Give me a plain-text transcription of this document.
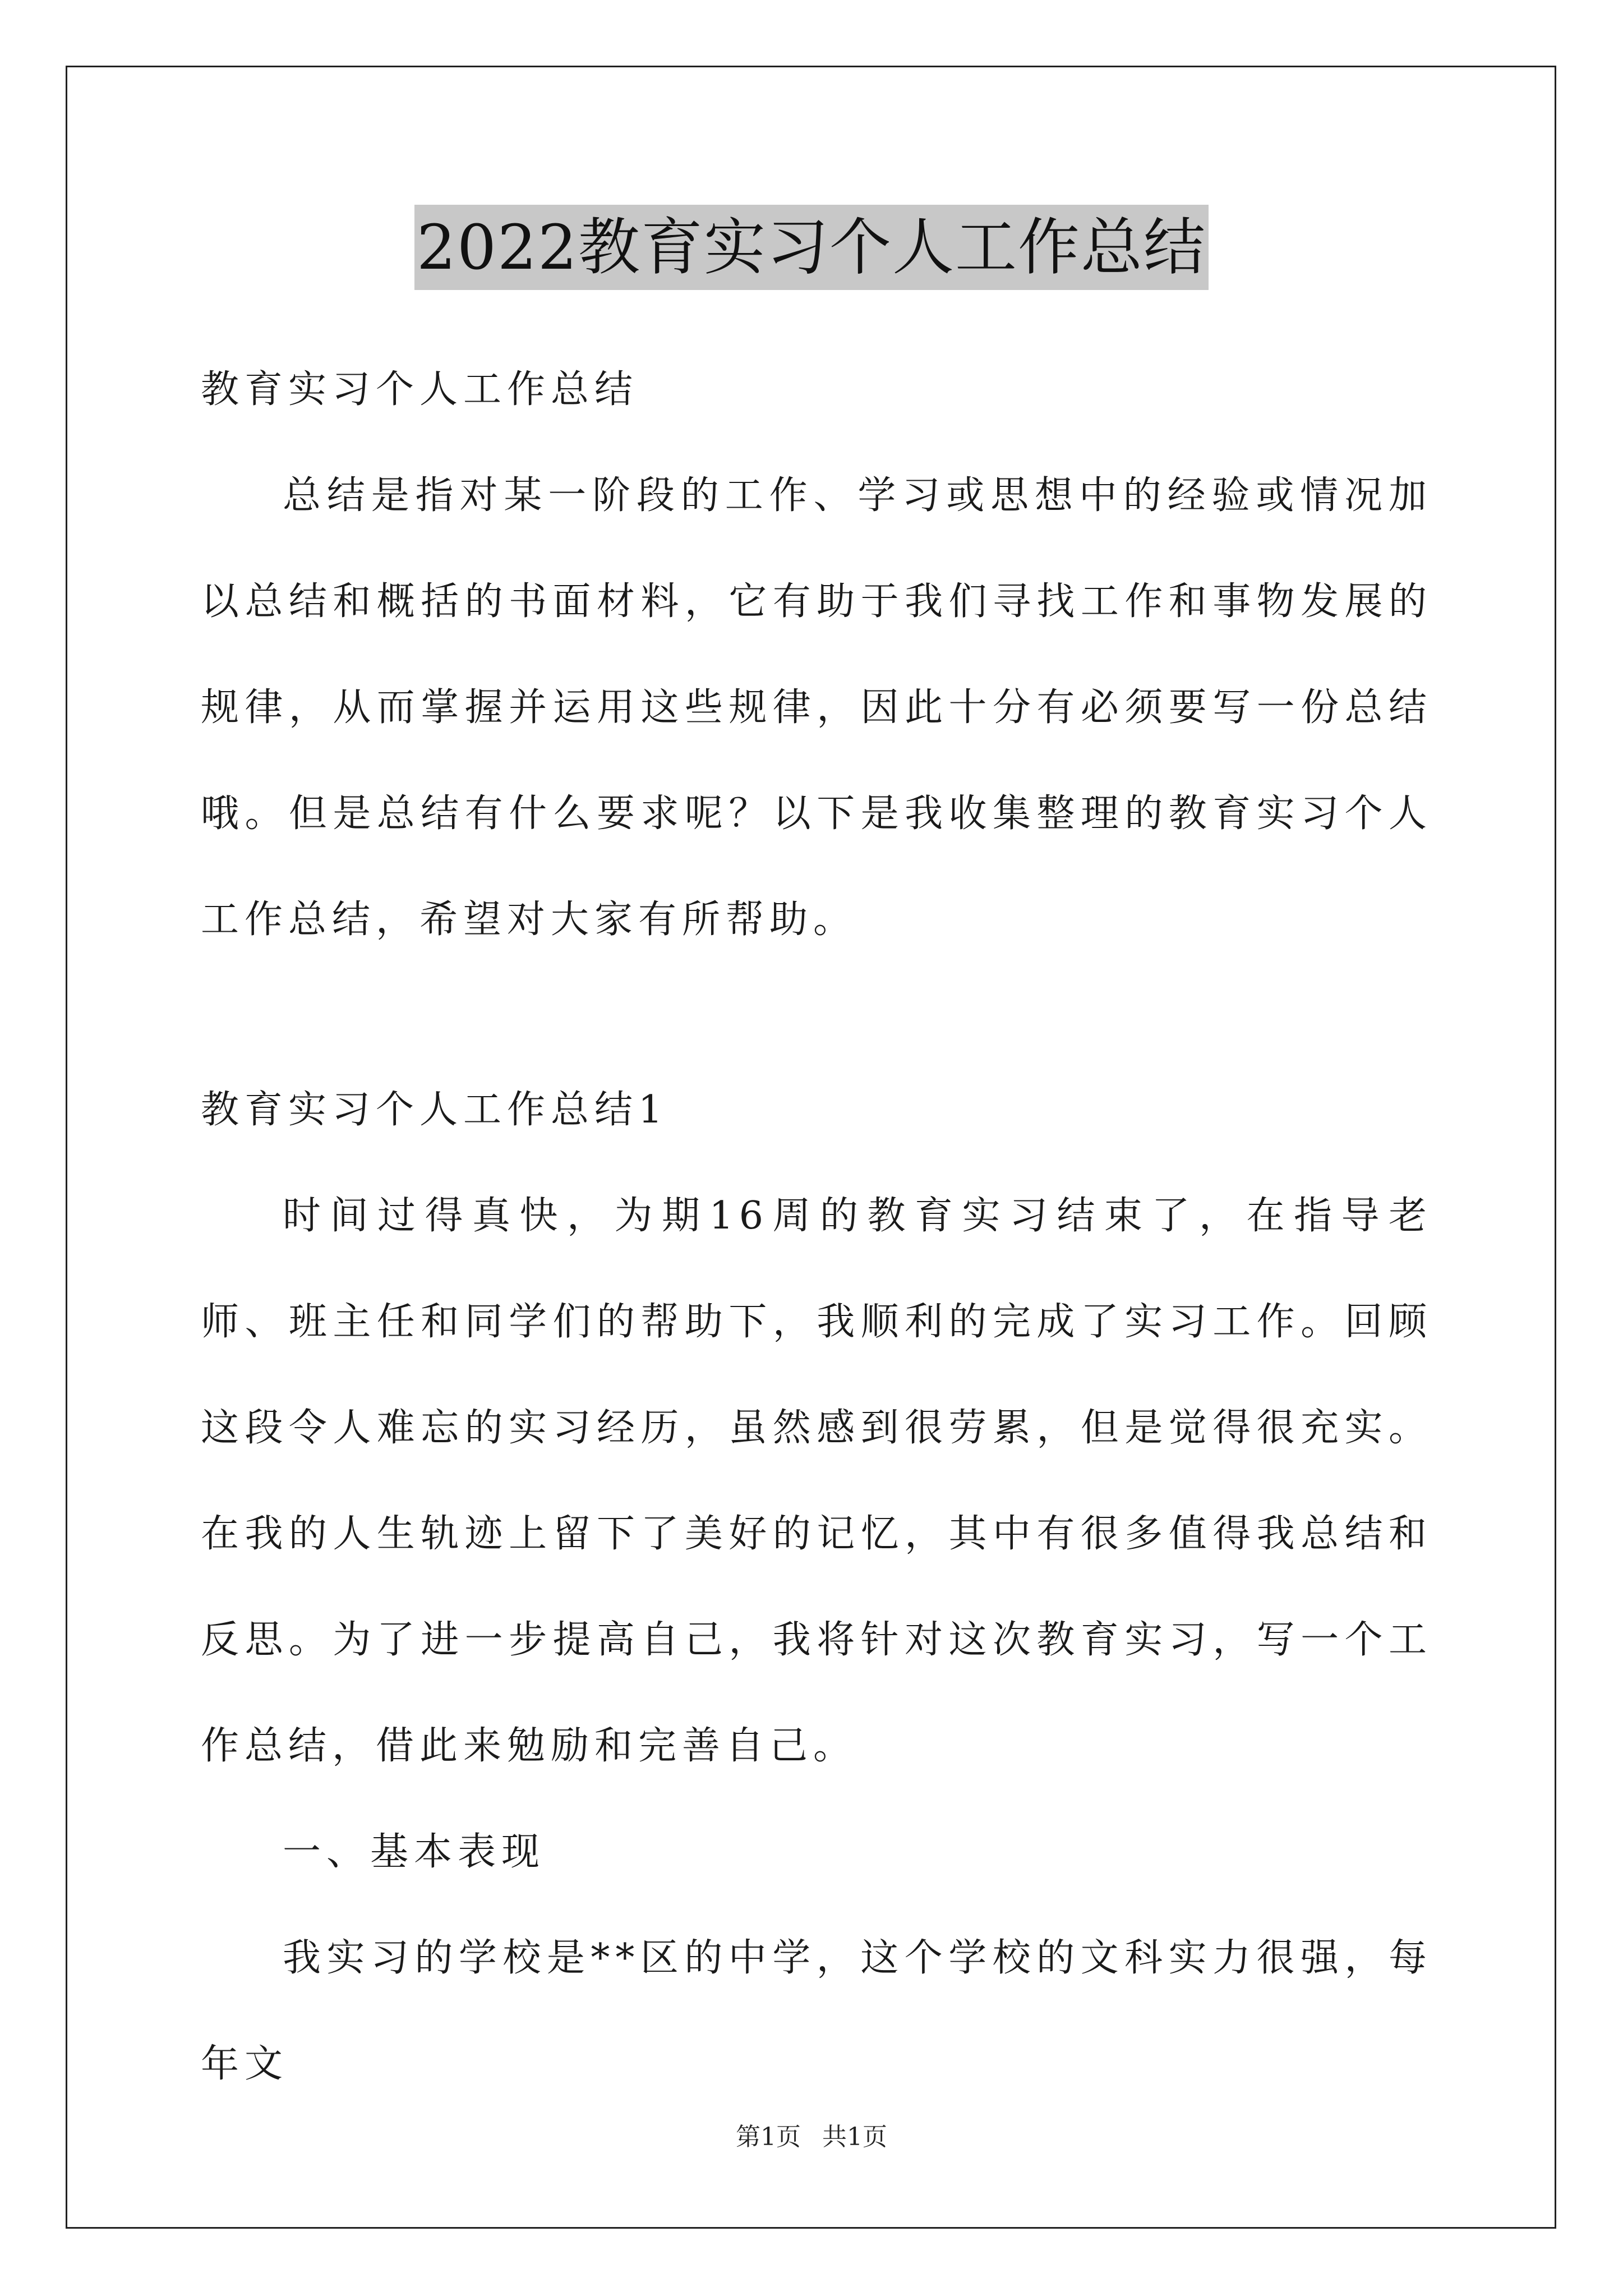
2022教育实习个人工作总结

教育实习个人工作总结

总结是指对某一阶段的工作、学习或思想中的经验或情况加以总结和概括的书面材料，它有助于我们寻找工作和事物发展的规律，从而掌握并运用这些规律，因此十分有必须要写一份总结哦。但是总结有什么要求呢？以下是我收集整理的教育实习个人工作总结，希望对大家有所帮助。

教育实习个人工作总结1

时间过得真快，为期16周的教育实习结束了，在指导老师、班主任和同学们的帮助下，我顺利的完成了实习工作。回顾这段令人难忘的实习经历，虽然感到很劳累，但是觉得很充实。在我的人生轨迹上留下了美好的记忆，其中有很多值得我总结和反思。为了进一步提高自己，我将针对这次教育实习，写一个工作总结，借此来勉励和完善自己。

一、基本表现

我实习的学校是**区的中学，这个学校的文科实力很强，每年文

第1页 共1页
